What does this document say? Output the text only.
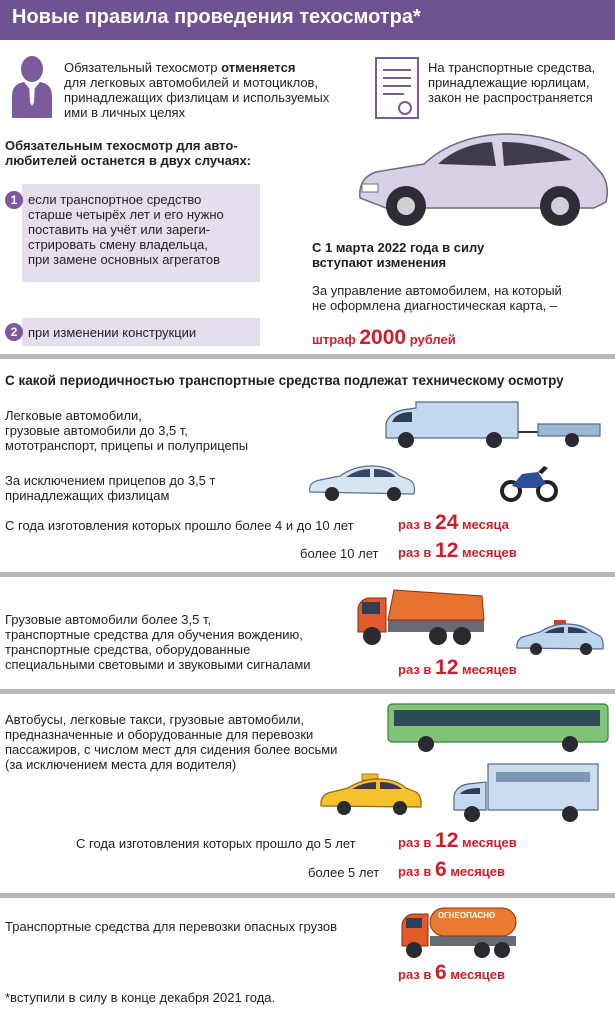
Новые правила проведения техосмотра*
Обязательный техосмотр отменяется
для легковых автомобилей и мотоциклов,
принадлежащих физлицам и используемых
ими в личных целях
На транспортные средства,
принадлежащие юрлицам,
закон не распространяется
Обязательным техосмотр для авто-
любителей останется в двух случаях:
1 если транспортное средство
старше четырёх лет и его нужно
поставить на учёт или зареги-
стрировать смену владельца,
при замене основных агрегатов
2 при изменении конструкции
С 1 марта 2022 года в силу
вступают изменения
За управление автомобилем, на который
не оформлена диагностическая карта, –
штраф 2000 рублей
С какой периодичностью транспортные средства подлежат техническому осмотру
Легковые автомобили,
грузовые автомобили до 3,5 т,
мототранспорт, прицепы и полуприцепы
За исключением прицепов до 3,5 т
принадлежащих физлицам
С года изготовления которых прошло более 4 и до 10 лет	раз в 24 месяца
более 10 лет раз в 12 месяцев
Грузовые автомобили более 3,5 т,
транспортные средства для обучения вождению,
транспортные средства, оборудованные
специальными световыми и звуковыми сигналами	раз в 12 месяцев
Автобусы, легковые такси, грузовые автомобили,
предназначенные и оборудованные для перевозки
пассажиров, с числом мест для сидения более восьми
(за исключением места для водителя)
С года изготовления которых прошло до 5 лет	раз в 12 месяцев
более 5 лет раз в 6 месяцев
Транспортные средства для перевозки опасных грузов
ОГНЕОПАСНО
раз в 6 месяцев
*вступили в силу в конце декабря 2021 года.
